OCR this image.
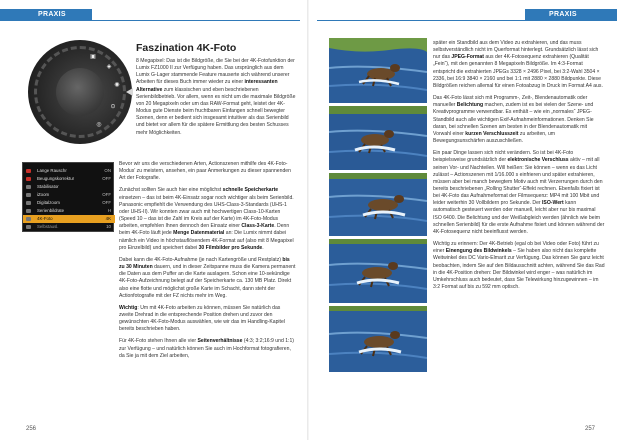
PRAXIS
▣
◈
◉
⊙
◎
Lange Rauschr	ON
Beugungskorrektur	OFF
Stabilisator
iZoom	OFF
Digitalzoom	OFF
Serienbildrate	H
4K-Foto	4K
Selbstausl.	10
Faszination 4K-Foto
8 Megapixel: Das ist die Bildgröße, die Sie bei der 4K-Fotofunktion der Lumix FZ1000 II zur Verfügung haben. Das ursprünglich aus dem Lumix G-Lager stammende Feature mauserte sich während unserer Arbeiten für dieses Buch immer wieder zu einer interessanten Alternative zum klassischen und eben beschriebenen Serienbildbetrieb. Vor allem, wenn es nicht um die maximale Bildgröße von 20 Megapixeln oder um das RAW-Format geht, leistet der 4K-Modus gute Dienste beim fruchtbaren Einfangen schnell bewegter Szenen, denn er bedient sich insgesamt intuitiver als das Serienbild und bietet vor allem für die spätere Ermittlung des besten Schusses mehr Möglichkeiten.

Bevor wir uns die verschiedenen Arten, Actionszenen mithilfe des 4K-Foto-Modus’ zu meistern, ansehen, ein paar Anmerkungen zu dieser spannenden Art der Fotografie.

Zunächst sollten Sie auch hier eine möglichst schnelle Speicherkarte einsetzen – das ist beim 4K-Einsatz sogar noch wichtiger als beim Serienbild. Panasonic empfiehlt die Verwendung des UHS-Class-3-Standards (UHS-1 oder UHS-II). Wir konnten zwar auch mit hochwertigen Class-10-Karten (Speed 10 – das ist die Zahl im Kreis auf der Karte) im 4K-Foto-Modus arbeiten, empfehlen Ihnen dennoch den Einsatz einer Class-3-Karte. Denn beim 4K-Foto läuft jede Menge Datenmaterial an: Die Lumix nimmt dabei nämlich ein Video in höchstauflösendem 4K-Format auf (also mit 8 Megapixel pro Einzelbild) und speichert dabei 30 Filmbilder pro Sekunde.

Dabei kann die 4K-Foto-Aufnahme (je nach Kartengröße und Restplatz) bis zu 30 Minuten dauern, und in dieser Zeitspanne muss die Kamera permanent die Daten aus dem Puffer an die Karte auslagern. Schon eine 10-sekündige 4K-Foto-Aufzeichnung belegt auf der Speicherkarte ca. 130 MB Platz. Direkt also eine flotte und möglichst große Karte im Schacht, dann steht der Actionfotografie mit der FZ nichts mehr im Weg.

Wichtig: Um mit 4K-Foto arbeiten zu können, müssen Sie natürlich das zweite Drehrad in die entsprechende Position drehen und zuvor den gewünschten 4K-Foto-Modus auswählen, wie wir das im Handling-Kapitel bereits beschrieben haben.

Für 4K-Foto stehen Ihnen alle vier Seitenverhältnisse (4:3; 3:2;16:9 und 1:1) zur Verfügung – und natürlich können Sie auch im Hochformat fotografieren, da Sie ja mit dem Ziel arbeiten,

256
PRAXIS

später ein Standbild aus dem Video zu extrahieren, und das muss selbstverständlich nicht im Querformat hinterlegt. Grundsätzlich lässt sich nur das JPEG-Format aus der 4K-Fotosequenz extrahieren (Qualität „Fein“), mit den genannten 8 Megapixeln Bildgröße. Im 4:3-Format entspricht die extrahierten JPEGs 3328 × 2496 Pixel, bei 3:2-Wahl 3504 × 2336, bei 16:9 3840 × 2160 und bei 1:1 mit 2880 × 2880 Bildpunkte. Diese Bildgrößen reichen allemal für einen Fotoabzug in Druck im Format A4 aus.

Das 4K-Foto lässt sich mit Programm-, Zeit-, Blendenautomatik oder manueller Belichtung machen, zudem ist es bei vielen der Szene- und Kreativprogramme verwendbar. Es enthält – wie ein „normales“ JPEG-Standbild auch alle wichtigen Exif-Aufnahmeinformationen. Denken Sie daran, bei schnellen Szenen am besten in der Blendenautomatik mit Vorwahl einer kurzen Verschlusszeit zu arbeiten, um Bewegungsunschärfen auszuschließen.

Ein paar Dinge lassen sich nicht verändern. So ist bei 4K-Foto beispielsweise grundsätzlich der elektronische Verschluss aktiv – mit all seinen Vor- und Nachteilen. Will heißen: Sie können – wenn es das Licht zulässt – Actionszenen mit 1/16.000 s einfrieren und später extrahieren, müssen aber bei manch bewegtem Motiv auch mit Verzerrungen durch den bereits beschriebenen „Rolling Shutter“-Effekt rechnen. Ebenfalls fixiert ist bei 4K-Foto das Aufnahmeformat der Filmsequenz: MP4 mit 100 Mbit und leider weiterhin 30 Vollbildern pro Sekunde. Der ISO-Wert kann automatisch gesteuert werden oder manuell, leicht aber nur bis maximal ISO 6400. Die Belichtung und der Weißabgleich werden (ähnlich wie beim schnellen Serienbild) für die erste Aufnahme fixiert und können während der 4K-Fotosequenz nicht beeinflusst werden.

Wichtig zu erinnern: Der 4K-Betrieb (egal ob bei Video oder Foto) führt zu einer Einengung des Bildwinkels – Sie haben also nicht das komplette Weitwinkel des DC Vario-Elmarit zur Verfügung. Das können Sie ganz leicht beobachten, indem Sie auf den Bildausschnitt achten, während Sie das Rad in die 4K-Position drehen: Der Bildwinkel wird enger – was natürlich im Umkehrschluss auch bedeutet, dass Sie Telewirkung hinzugewinnen – im 3:2 Format auf bis zu 592 mm optisch.

257
